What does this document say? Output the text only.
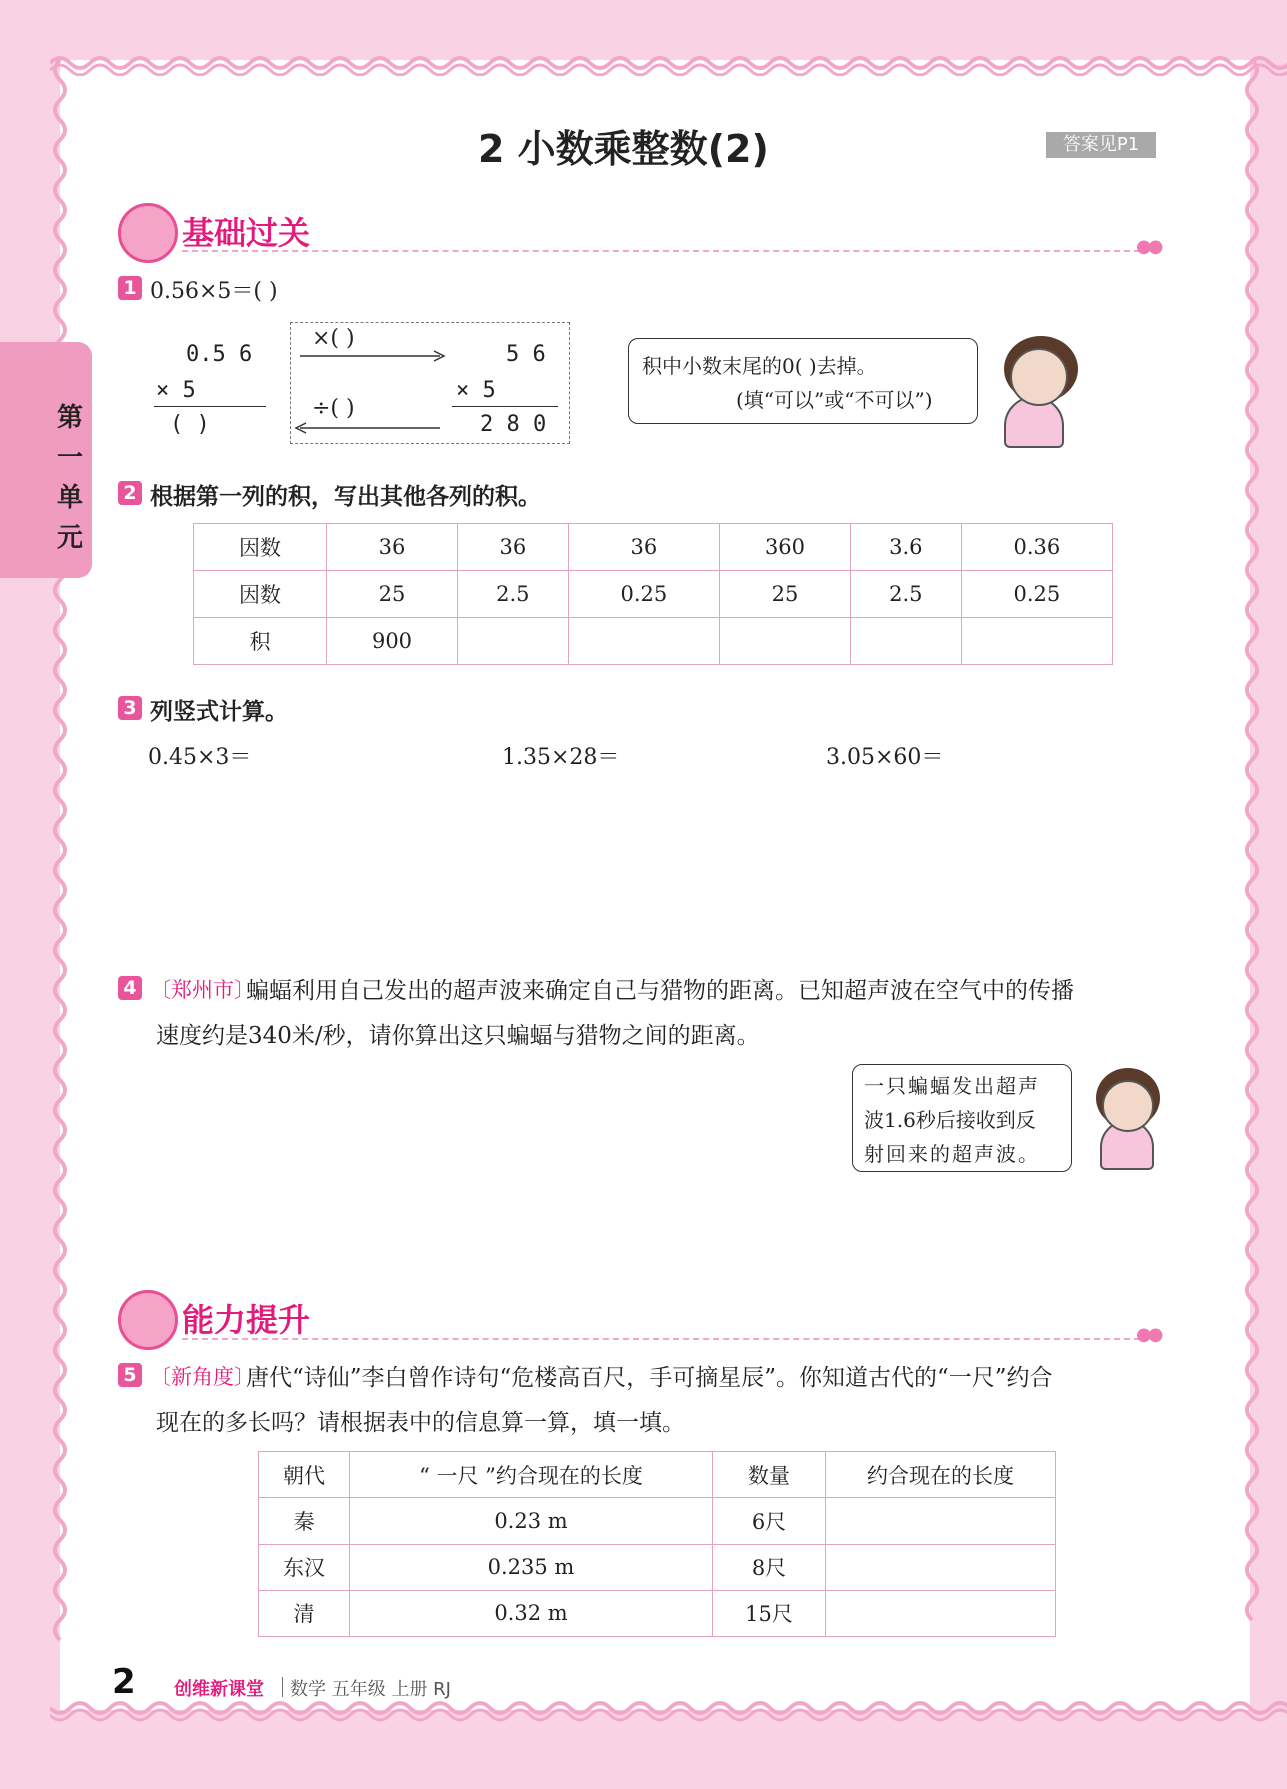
2 小数乘整数(2)	答案见P1
第一单元
基础过关	●●
1 0.56×5＝( )
0.5 6
× 5
( )
×( )
÷( )
5 6
× 5
2 8 0
积中小数末尾的0( )去掉。
(填“可以”或“不可以”)
2 根据第一列的积，写出其他各列的积。
因数	36	36	36	360	3.6	0.36
因数	25	2.5	0.25	25	2.5	0.25
积	900					
3 列竖式计算。
0.45×3＝	1.35×28＝	3.05×60＝
4 〔郑州市〕
蝙蝠利用自己发出的超声波来确定自己与猎物的距离。已知超声波在空气中的传播
速度约是340米/秒，请你算出这只蝙蝠与猎物之间的距离。
一只蝙蝠发出超声
波1.6秒后接收到反
射回来的超声波。
能力提升	●●
5 〔新角度〕
唐代“诗仙”李白曾作诗句“危楼高百尺，手可摘星辰”。你知道古代的“一尺”约合
现在的多长吗？请根据表中的信息算一算，填一填。
朝代	“ 一尺 ”约合现在的长度	数量	约合现在的长度
秦	0.23 m	6尺	
东汉	0.235 m	8尺	
清	0.32 m	15尺	
2 创维新课堂 数学 五年级 上册 RJ
